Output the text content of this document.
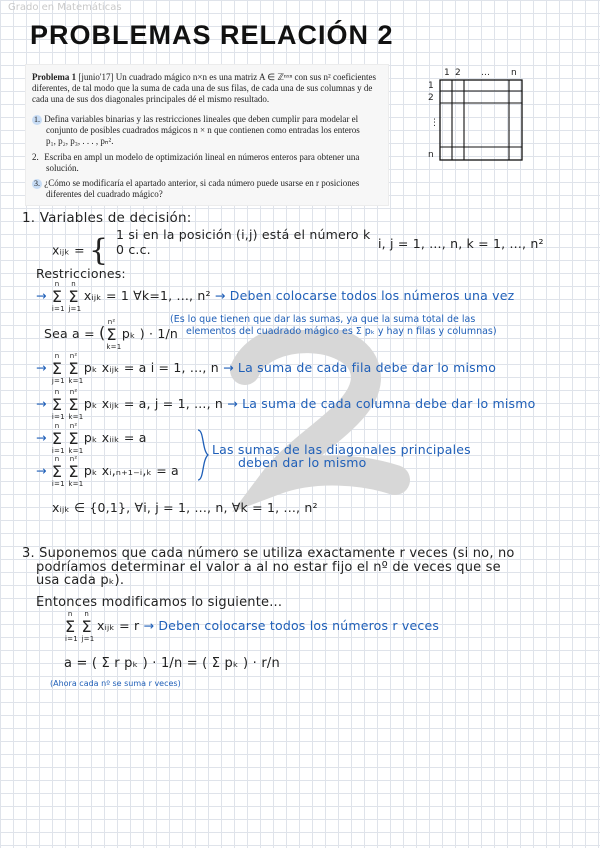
Grado en Matemáticas
PROBLEMAS RELACIÓN 2
Problema 1 [junio'17] Un cuadrado mágico n×n es una matriz A ∈ ℤⁿˣⁿ con sus n² coeficientes
diferentes, de tal modo que la suma de cada una de sus filas, de cada una de sus columnas y de
cada una de sus dos diagonales principales dé el mismo resultado.
1. Defina variables binarias y las restricciones lineales que deben cumplir para modelar el
conjunto de posibles cuadrados mágicos n × n que contienen como entradas los enteros
p₁, p₂, p₃, . . . , pₙ².
2. Escriba en ampl un modelo de optimización lineal en números enteros para obtener una
solución.
3. ¿Cómo se modificaría el apartado anterior, si cada número puede usarse en r posiciones
diferentes del cuadrado mágico?
1 2 ... n
1
2
⋮
n
1. Variables de decisión:
xᵢⱼₖ = { 1 si en la posición (i,j) está el número k
0 c.c.	i, j = 1, ..., n, k = 1, ..., n²
Restricciones:
→ Σ
n
i=1
Σ
n
j=1
xᵢⱼₖ = 1 ∀k=1, ..., n² → Deben colocarse todos los números una vez
Sea a = (Σ
n²
k=1
pₖ ) · 1/n
(Es lo que tienen que dar las sumas, ya que la suma total de las
elementos del cuadrado mágico es Σ pₖ y hay n filas y columnas)
→ Σ
n
j=1
Σ
n²
k=1
pₖ xᵢⱼₖ = a i = 1, ..., n → La suma de cada fila debe dar lo mismo
→ Σ
n
i=1
Σ
n²
k=1
pₖ xᵢⱼₖ = a, j = 1, ..., n → La suma de cada columna debe dar lo mismo
→ Σ
n
i=1
Σ
n²
k=1
pₖ xᵢᵢₖ = a
→ Σ
n
i=1
Σ
n²
k=1
pₖ xᵢ,ₙ₊₁₋ᵢ,ₖ = a
Las sumas de las diagonales principales
deben dar lo mismo
xᵢⱼₖ ∈ {0,1}, ∀i, j = 1, ..., n, ∀k = 1, ..., n²
3. Suponemos que cada número se utiliza exactamente r veces (si no, no
podríamos determinar el valor a al no estar fijo el nº de veces que se
usa cada pₖ).
Entonces modificamos lo siguiente...
Σ
n
i=1
Σ
n
j=1
xᵢⱼₖ = r → Deben colocarse todos los números r veces
a = ( Σ r pₖ ) · 1/n = ( Σ pₖ ) · r/n
(Ahora cada nº se suma r veces)
